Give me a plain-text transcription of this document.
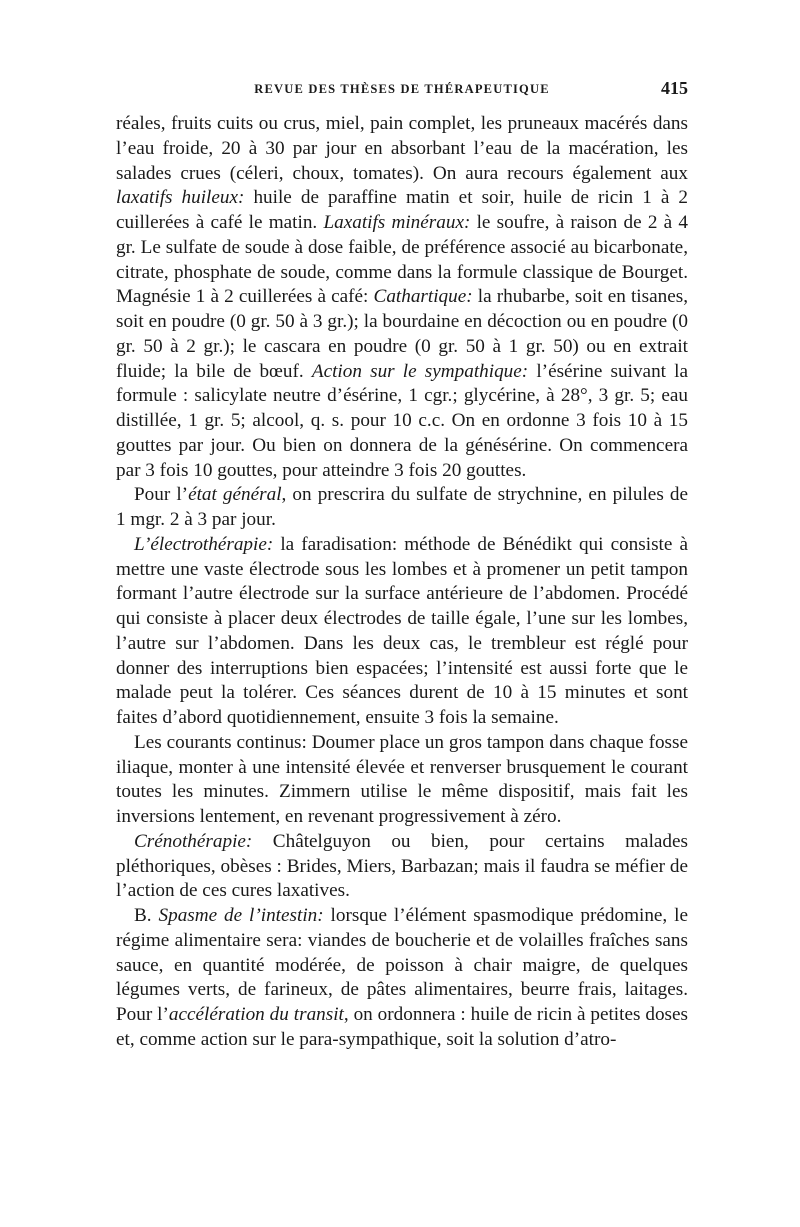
REVUE DES THÈSES DE THÉRAPEUTIQUE	415

réales, fruits cuits ou crus, miel, pain complet, les pruneaux macérés dans l’eau froide, 20 à 30 par jour en absorbant l’eau de la macération, les salades crues (céleri, choux, tomates). On aura recours également aux laxatifs huileux: huile de paraffine matin et soir, huile de ricin 1 à 2 cuillerées à café le matin. Laxatifs minéraux: le soufre, à raison de 2 à 4 gr. Le sulfate de soude à dose faible, de préférence associé au bicarbonate, citrate, phosphate de soude, comme dans la formule classique de Bourget. Magnésie 1 à 2 cuillerées à café: Cathartique: la rhubarbe, soit en tisanes, soit en poudre (0 gr. 50 à 3 gr.); la bourdaine en décoction ou en poudre (0 gr. 50 à 2 gr.); le cascara en poudre (0 gr. 50 à 1 gr. 50) ou en extrait fluide; la bile de bœuf. Action sur le sympathique: l’ésérine suivant la formule : salicylate neutre d’ésérine, 1 cgr.; glycérine, à 28°, 3 gr. 5; eau distillée, 1 gr. 5; alcool, q. s. pour 10 c.c. On en ordonne 3 fois 10 à 15 gouttes par jour. Ou bien on donnera de la génésérine. On commencera par 3 fois 10 gouttes, pour atteindre 3 fois 20 gouttes.

Pour l’état général, on prescrira du sulfate de strychnine, en pilules de 1 mgr. 2 à 3 par jour.

L’électrothérapie: la faradisation: méthode de Bénédikt qui consiste à mettre une vaste électrode sous les lombes et à promener un petit tampon formant l’autre électrode sur la surface antérieure de l’abdomen. Procédé qui consiste à placer deux électrodes de taille égale, l’une sur les lombes, l’autre sur l’abdomen. Dans les deux cas, le trembleur est réglé pour donner des interruptions bien espacées; l’intensité est aussi forte que le malade peut la tolérer. Ces séances durent de 10 à 15 minutes et sont faites d’abord quotidiennement, ensuite 3 fois la semaine.

Les courants continus: Doumer place un gros tampon dans chaque fosse iliaque, monter à une intensité élevée et renverser brusquement le courant toutes les minutes. Zimmern utilise le même dispositif, mais fait les inversions lentement, en revenant progressivement à zéro.

Crénothérapie: Châtelguyon ou bien, pour certains malades pléthoriques, obèses : Brides, Miers, Barbazan; mais il faudra se méfier de l’action de ces cures laxatives.

B. Spasme de l’intestin: lorsque l’élément spasmodique prédomine, le régime alimentaire sera: viandes de boucherie et de volailles fraîches sans sauce, en quantité modérée, de poisson à chair maigre, de quelques légumes verts, de farineux, de pâtes alimentaires, beurre frais, laitages. Pour l’accélération du transit, on ordonnera : huile de ricin à petites doses et, comme action sur le para-sympathique, soit la solution d’atro-
